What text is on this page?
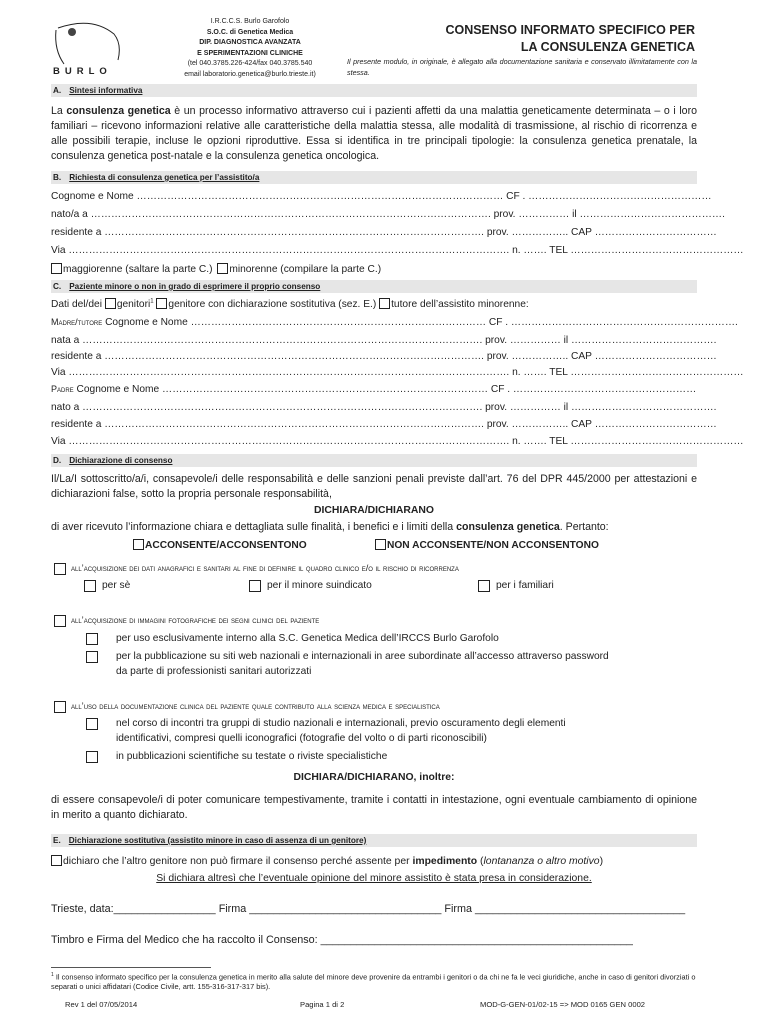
BURLO
I.R.C.C.S. Burlo Garofolo
S.O.C. di Genetica Medica
DIP. DIAGNOSTICA AVANZATA
E SPERIMENTAZIONI CLINICHE
(tel 040.3785.226-424/fax 040.3785.540
email laboratorio.genetica@burlo.trieste.it)
CONSENSO INFORMATO SPECIFICO PER
LA CONSULENZA GENETICA
Il presente modulo, in originale, è allegato alla documentazione sanitaria e conservato illimitatamente con la stessa.
A. Sintesi informativa
La consulenza genetica è un processo informativo attraverso cui i pazienti affetti da una malattia geneticamente determinata – o i loro familiari – ricevono informazioni relative alle caratteristiche della malattia stessa, alle modalità di trasmissione, al rischio di ricorrenza e alle possibili terapie, incluse le opzioni riproduttive. Essa si identifica in tre principali tipologie: la consulenza genetica prenatale, la consulenza genetica post-natale e la consulenza genetica oncologica.
B. Richiesta di consulenza genetica per l’assistito/a
Cognome e Nome ……………………………………………………………………………………………… CF . ………………………………………………
nato/a a ………………………………………………………………………………………………………. prov. …………… il …………………………………….
residente a …………………………………………………………………………………………………. prov. …………….. CAP ………………………………
Via …………………………………………………………………………………………………………………. n. ……. TEL ……………………………………………
maggiorenne (saltare la parte C.) minorenne (compilare la parte C.)
C. Paziente minore o non in grado di esprimere il proprio consenso
Dati del/dei genitori$^1$ genitore con dichiarazione sostitutiva (sez. E.) tutore dell’assistito minorenne:
Madre/tutore Cognome e Nome …………………………………………………………………………… CF . ………………………………………………………….
nata a ………………………………………………………………………………………………………. prov. …………… il …………………………………….
residente a …………………………………………………………………………………………………. prov. …………….. CAP ………………………………
Via …………………………………………………………………………………………………………………. n. ……. TEL ……………………………………………
Padre Cognome e Nome …………………………………………………………………………………… CF . ………………………………………………
nato a ………………………………………………………………………………………………………. prov. …………… il …………………………………….
residente a …………………………………………………………………………………………………. prov. …………….. CAP ………………………………
Via …………………………………………………………………………………………………………………. n. ……. TEL ……………………………………………
D. Dichiarazione di consenso
Il/La/I sottoscritto/a/i, consapevole/i delle responsabilità e delle sanzioni penali previste dall’art. 76 del DPR 445/2000 per attestazioni e dichiarazioni false, sotto la propria personale responsabilità,
DICHIARA/DICHIARANO
di aver ricevuto l’informazione chiara e dettagliata sulle finalità, i benefici e i limiti della consulenza genetica. Pertanto:
ACCONSENTE/ACCONSENTONO	NON ACCONSENTE/NON ACCONSENTONO
all’acquisizione dei dati anagrafici e sanitari al fine di definire il quadro clinico e/o il rischio di ricorrenza
per sè	per il minore suindicato	per i familiari
all’acquisizione di immagini fotografiche dei segni clinici del paziente
per uso esclusivamente interno alla S.C. Genetica Medica dell’IRCCS Burlo Garofolo
per la pubblicazione su siti web nazionali e internazionali in aree subordinate all’accesso attraverso password
da parte di professionisti sanitari autorizzati
all’uso della documentazione clinica del paziente quale contributo alla scienza medica e specialistica
nel corso di incontri tra gruppi di studio nazionali e internazionali, previo oscuramento degli elementi
identificativi, compresi quelli iconografici (fotografie del volto o di parti riconoscibili)
in pubblicazioni scientifiche su testate o riviste specialistiche
DICHIARA/DICHIARANO, inoltre:
di essere consapevole/i di poter comunicare tempestivamente, tramite i contatti in intestazione, ogni eventuale cambiamento di opinione in merito a quanto dichiarato.
E. Dichiarazione sostitutiva (assistito minore in caso di assenza di un genitore)
dichiaro che l’altro genitore non può firmare il consenso perché assente per impedimento (lontananza o altro motivo)
Si dichiara altresì che l’eventuale opinione del minore assistito è stata presa in considerazione.
Trieste, data:_________________ Firma ________________________________ Firma ___________________________________
Timbro e Firma del Medico che ha raccolto il Consenso: ____________________________________________________
$^1$ Il consenso informato specifico per la consulenza genetica in merito alla salute del minore deve provenire da entrambi i genitori o da chi ne fa le veci giuridiche, anche in caso di genitori divorziati o separati o unici affidatari (Codice Civile, artt. 155-316-317-317 bis).
Rev 1 del 07/05/2014	Pagina 1 di 2	MOD-G-GEN-01/02-15 => MOD 0165 GEN 0002
